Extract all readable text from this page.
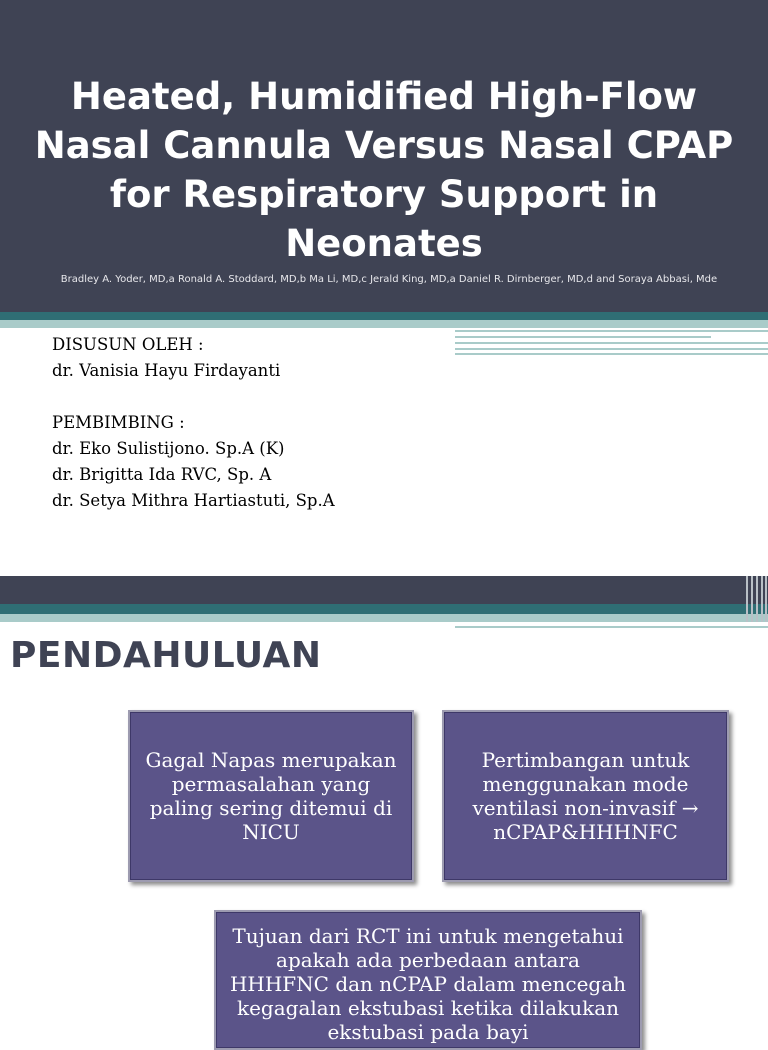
Heated, Humidified High-Flow Nasal Cannula Versus Nasal CPAP for Respiratory Support in Neonates

Bradley A. Yoder, MD,a Ronald A. Stoddard, MD,b Ma Li, MD,c Jerald King, MD,a Daniel R. Dirnberger, MD,d and Soraya Abbasi, Mde

DISUSUN OLEH :
dr. Vanisia Hayu Firdayanti
PEMBIMBING :
dr. Eko Sulistijono. Sp.A (K)
dr. Brigitta Ida RVC, Sp. A
dr. Setya Mithra Hartiastuti, Sp.A
PENDAHULUAN
Gagal Napas merupakan permasalahan yang paling sering ditemui di NICU
Pertimbangan untuk menggunakan mode ventilasi non-invasif → nCPAP&HHHNFC
Tujuan dari RCT ini untuk mengetahui apakah ada perbedaan antara HHHFNC dan nCPAP dalam mencegah kegagalan ekstubasi ketika dilakukan ekstubasi pada bayi
